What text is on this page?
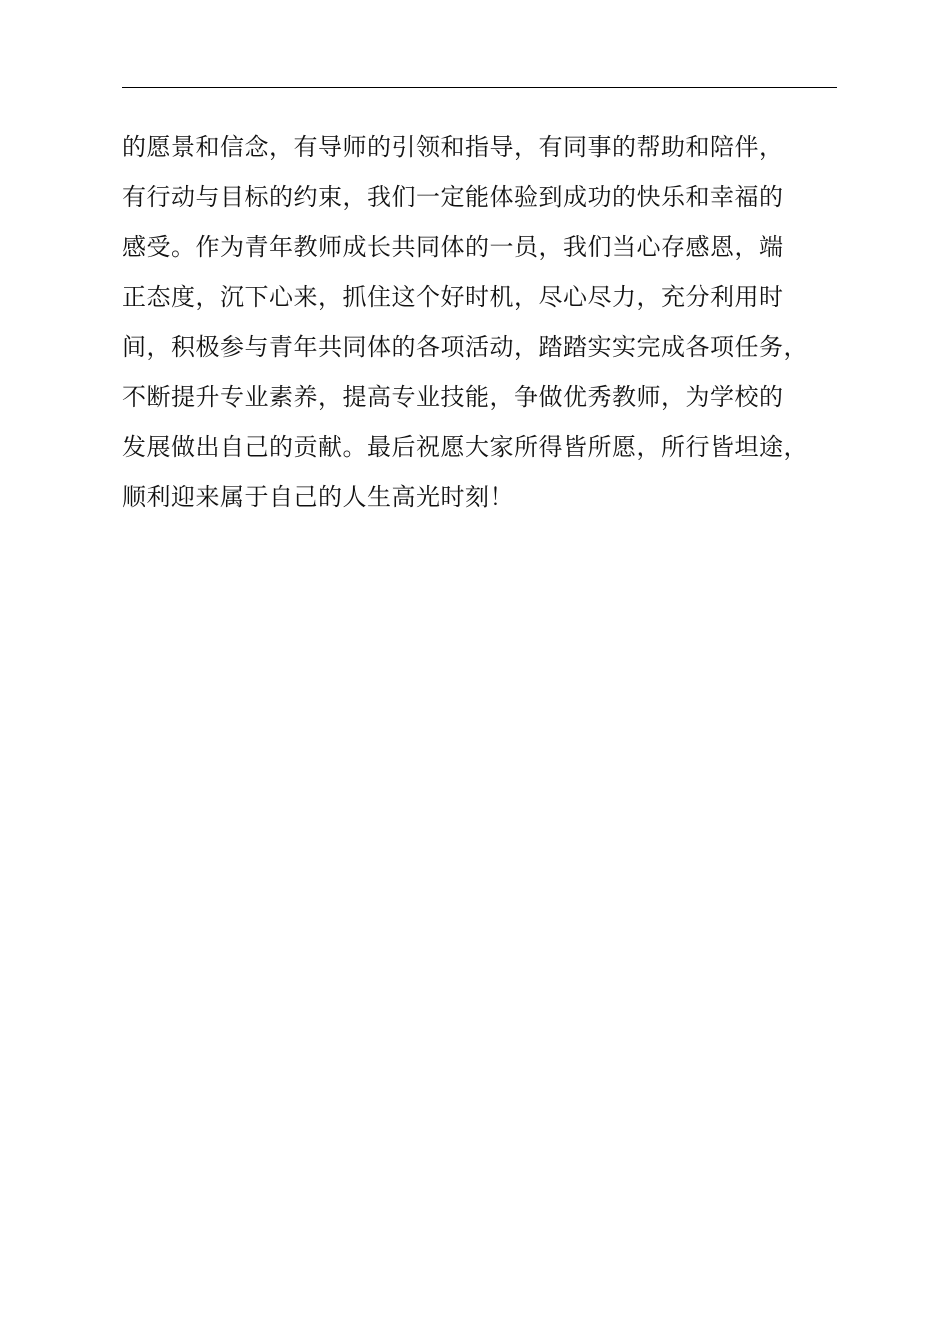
的愿景和信念，有导师的引领和指导，有同事的帮助和陪伴，
有行动与目标的约束，我们一定能体验到成功的快乐和幸福的
感受。作为青年教师成长共同体的一员，我们当心存感恩，端
正态度，沉下心来，抓住这个好时机，尽心尽力，充分利用时
间，积极参与青年共同体的各项活动，踏踏实实完成各项任务，
不断提升专业素养，提高专业技能，争做优秀教师，为学校的
发展做出自己的贡献。最后祝愿大家所得皆所愿，所行皆坦途，
顺利迎来属于自己的人生高光时刻！
